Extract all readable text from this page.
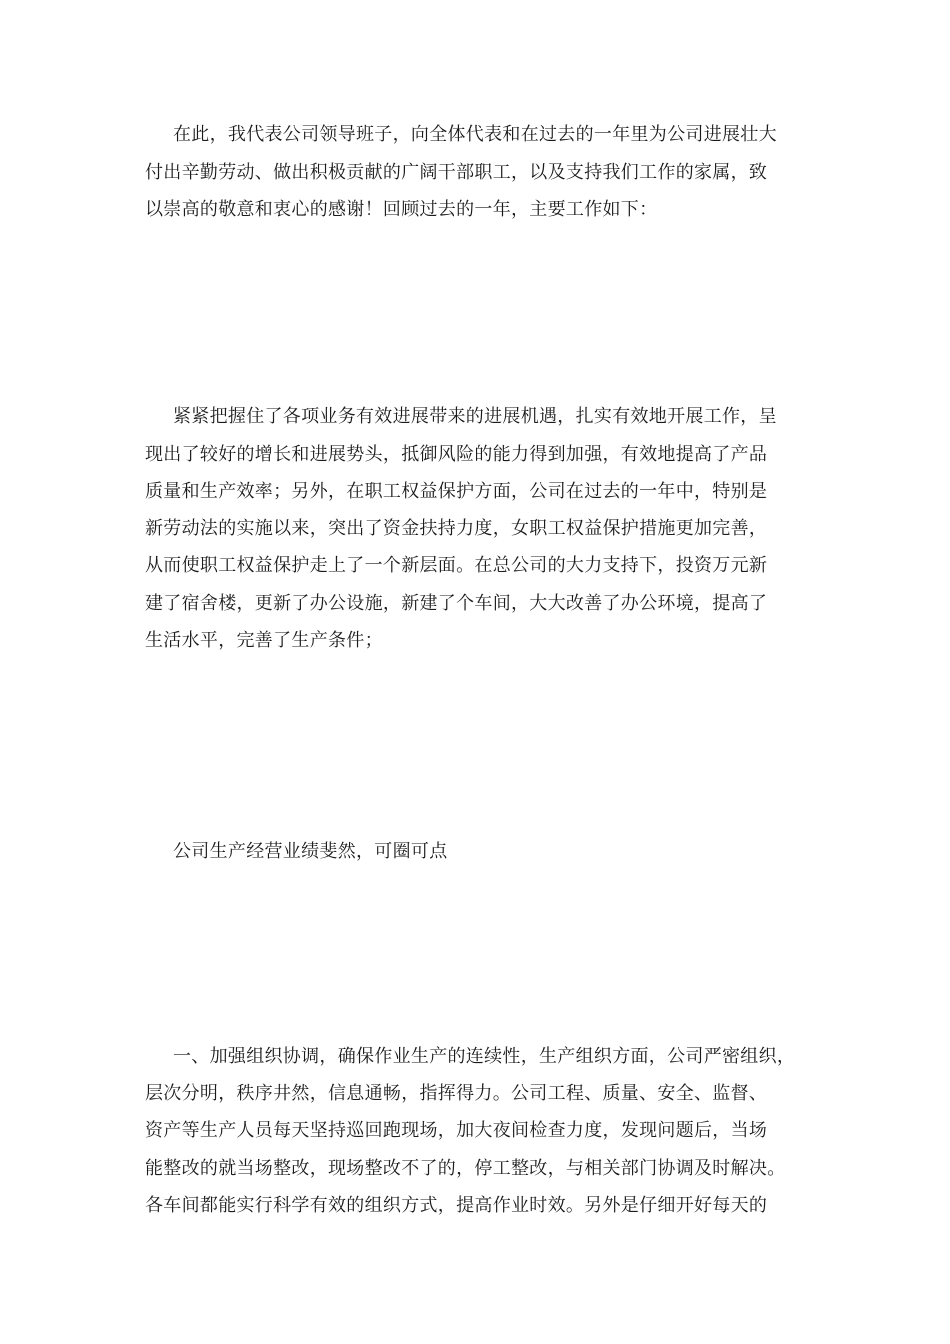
在此，我代表公司领导班子，向全体代表和在过去的一年里为公司进展壮大
付出辛勤劳动、做出积极贡献的广阔干部职工，以及支持我们工作的家属，致
以崇高的敬意和衷心的感谢！回顾过去的一年，主要工作如下：
紧紧把握住了各项业务有效进展带来的进展机遇，扎实有效地开展工作，呈
现出了较好的增长和进展势头，抵御风险的能力得到加强，有效地提高了产品
质量和生产效率；另外，在职工权益保护方面，公司在过去的一年中，特别是
新劳动法的实施以来，突出了资金扶持力度，女职工权益保护措施更加完善，
从而使职工权益保护走上了一个新层面。在总公司的大力支持下，投资万元新
建了宿舍楼，更新了办公设施，新建了个车间，大大改善了办公环境，提高了
生活水平，完善了生产条件；
公司生产经营业绩斐然，可圈可点
一、加强组织协调，确保作业生产的连续性，生产组织方面，公司严密组织，
层次分明，秩序井然，信息通畅，指挥得力。公司工程、质量、安全、监督、
资产等生产人员每天坚持巡回跑现场，加大夜间检查力度，发现问题后，当场
能整改的就当场整改，现场整改不了的，停工整改，与相关部门协调及时解决。
各车间都能实行科学有效的组织方式，提高作业时效。另外是仔细开好每天的
